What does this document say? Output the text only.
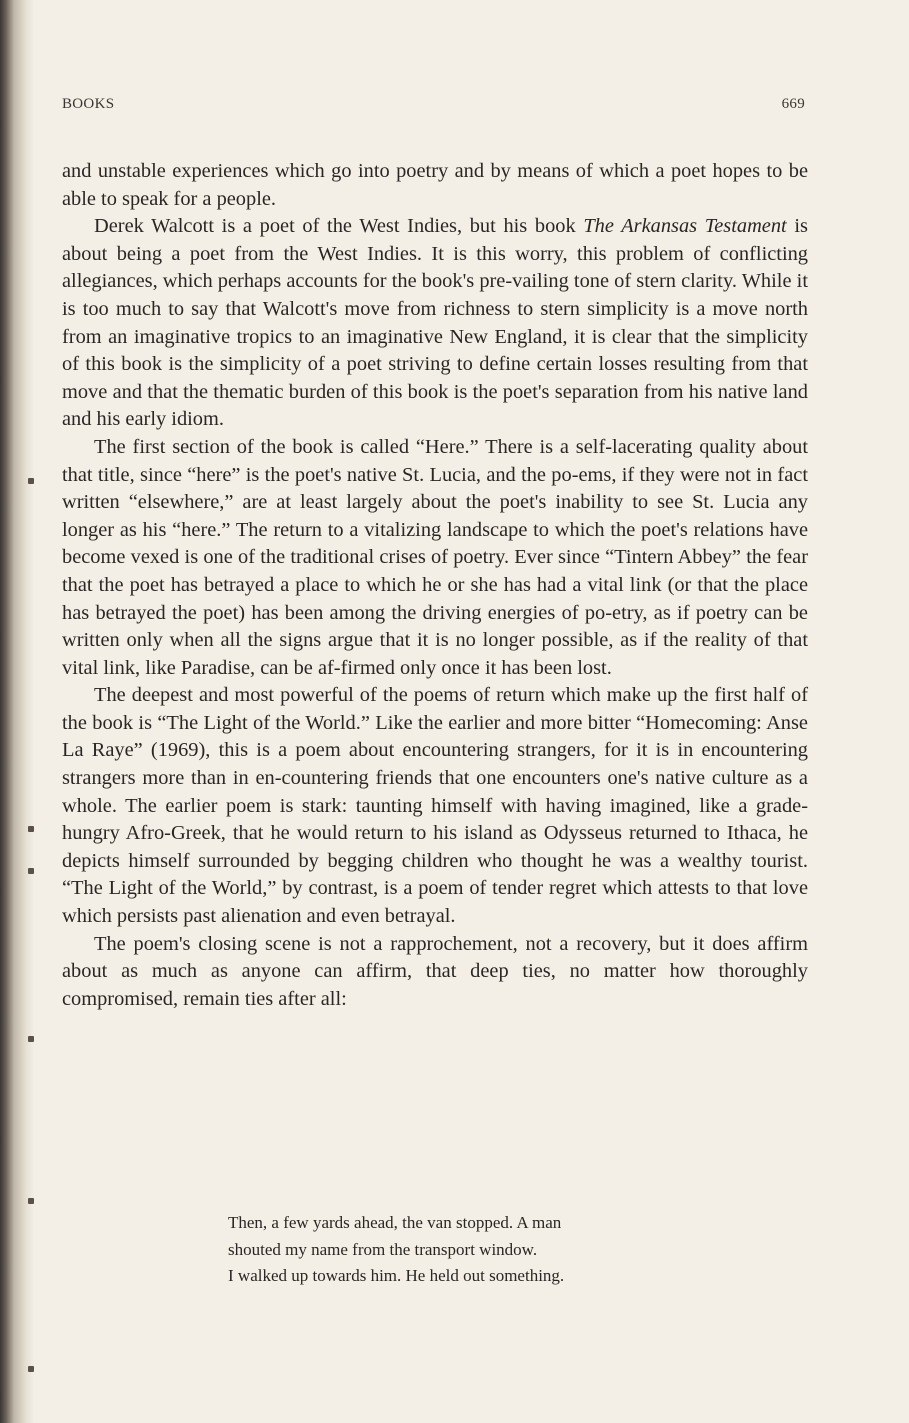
BOOKS	669

and unstable experiences which go into poetry and by means of which a poet hopes to be able to speak for a people.

Derek Walcott is a poet of the West Indies, but his book The Arkansas Testament is about being a poet from the West Indies. It is this worry, this problem of conflicting allegiances, which perhaps accounts for the book's pre-vailing tone of stern clarity. While it is too much to say that Walcott's move from richness to stern simplicity is a move north from an imaginative tropics to an imaginative New England, it is clear that the simplicity of this book is the simplicity of a poet striving to define certain losses resulting from that move and that the thematic burden of this book is the poet's separation from his native land and his early idiom.

The first section of the book is called “Here.” There is a self-lacerating quality about that title, since “here” is the poet's native St. Lucia, and the po-ems, if they were not in fact written “elsewhere,” are at least largely about the poet's inability to see St. Lucia any longer as his “here.” The return to a vitalizing landscape to which the poet's relations have become vexed is one of the traditional crises of poetry. Ever since “Tintern Abbey” the fear that the poet has betrayed a place to which he or she has had a vital link (or that the place has betrayed the poet) has been among the driving energies of po-etry, as if poetry can be written only when all the signs argue that it is no longer possible, as if the reality of that vital link, like Paradise, can be af-firmed only once it has been lost.

The deepest and most powerful of the poems of return which make up the first half of the book is “The Light of the World.” Like the earlier and more bitter “Homecoming: Anse La Raye” (1969), this is a poem about encountering strangers, for it is in encountering strangers more than in en-countering friends that one encounters one's native culture as a whole. The earlier poem is stark: taunting himself with having imagined, like a grade-hungry Afro-Greek, that he would return to his island as Odysseus returned to Ithaca, he depicts himself surrounded by begging children who thought he was a wealthy tourist. “The Light of the World,” by contrast, is a poem of tender regret which attests to that love which persists past alienation and even betrayal.

The poem's closing scene is not a rapprochement, not a recovery, but it does affirm about as much as anyone can affirm, that deep ties, no matter how thoroughly compromised, remain ties after all:

Then, a few yards ahead, the van stopped. A man
shouted my name from the transport window.
I walked up towards him. He held out something.
